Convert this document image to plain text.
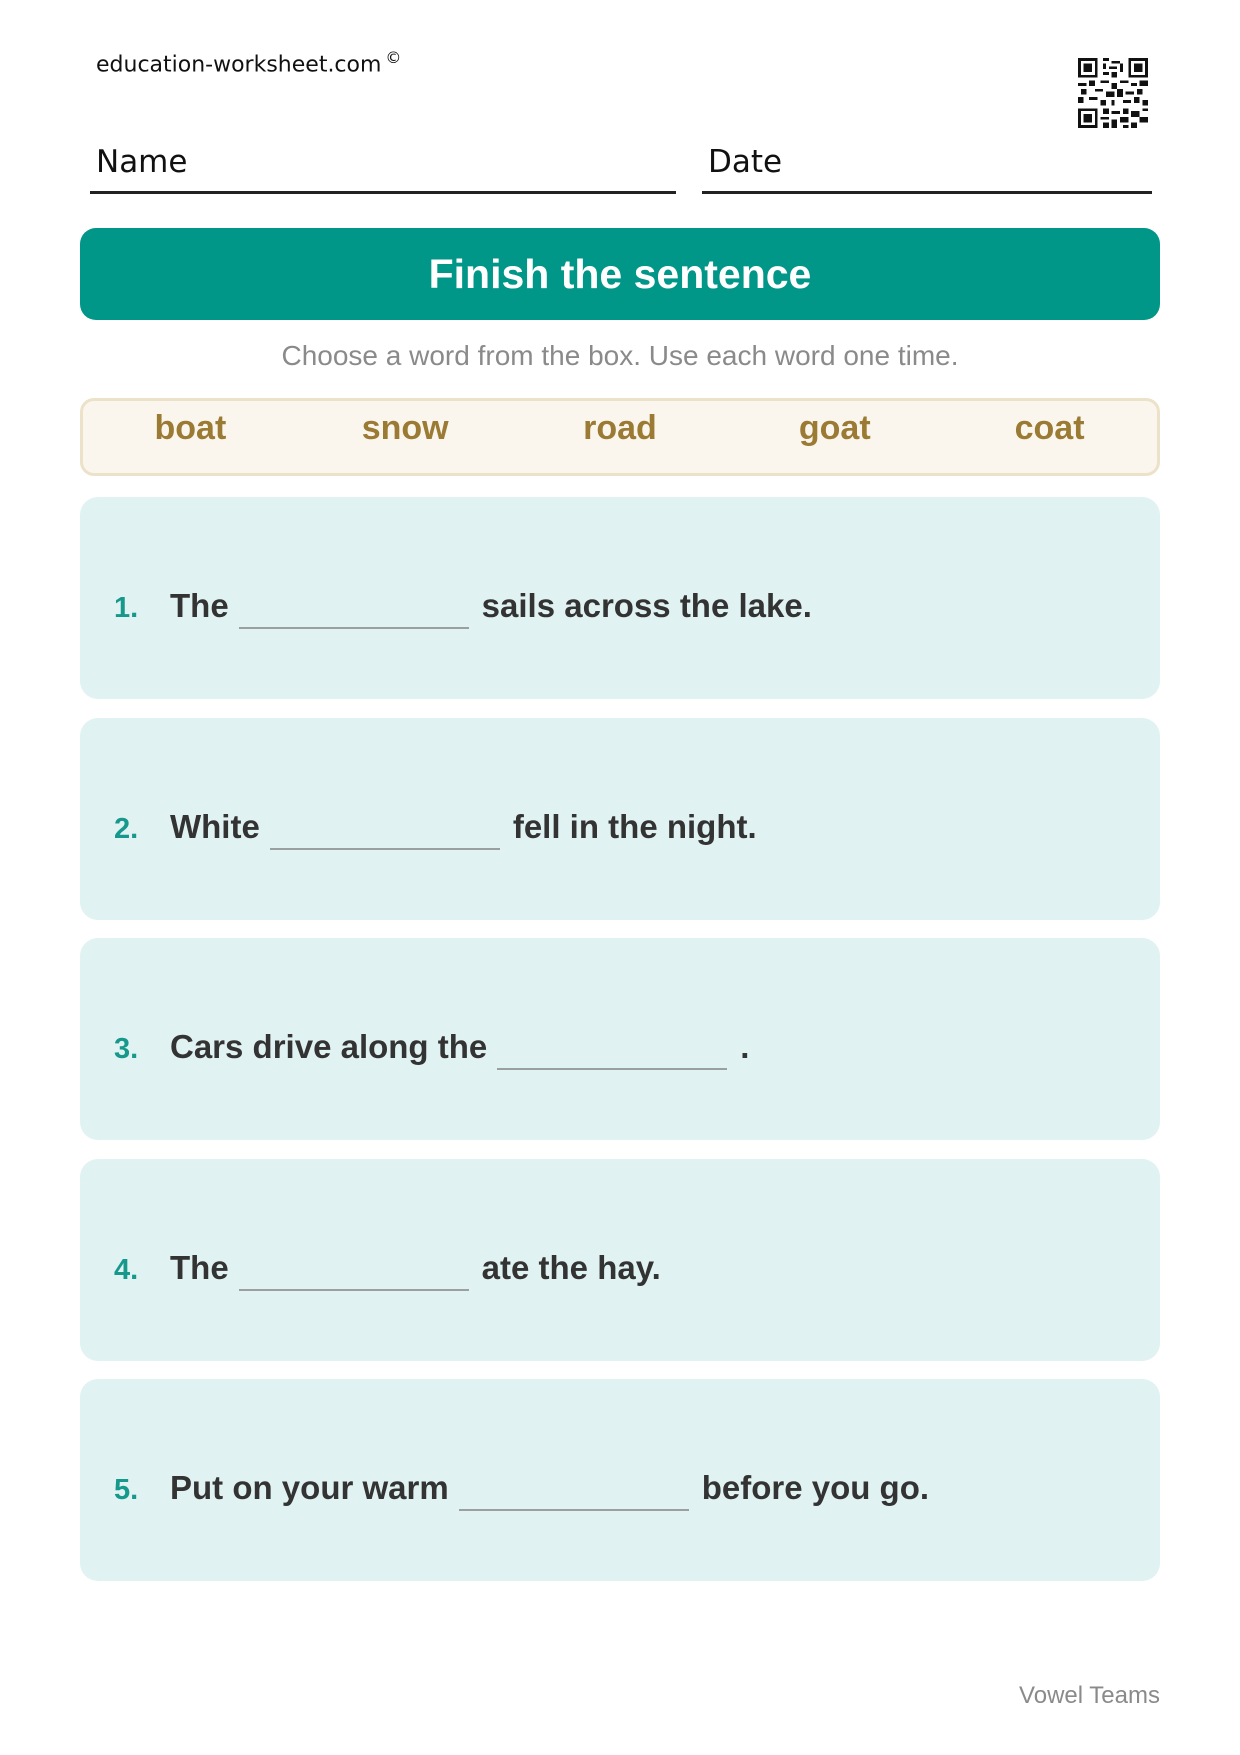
education-worksheet.com ©
Name	Date
Finish the sentence
Choose a word from the box. Use each word one time.
boat	snow	road	goat	coat
1. The	sails across the lake.
2. White	fell in the night.
3. Cars drive along the	.
4. The	ate the hay.
5. Put on your warm	before you go.
Vowel Teams
